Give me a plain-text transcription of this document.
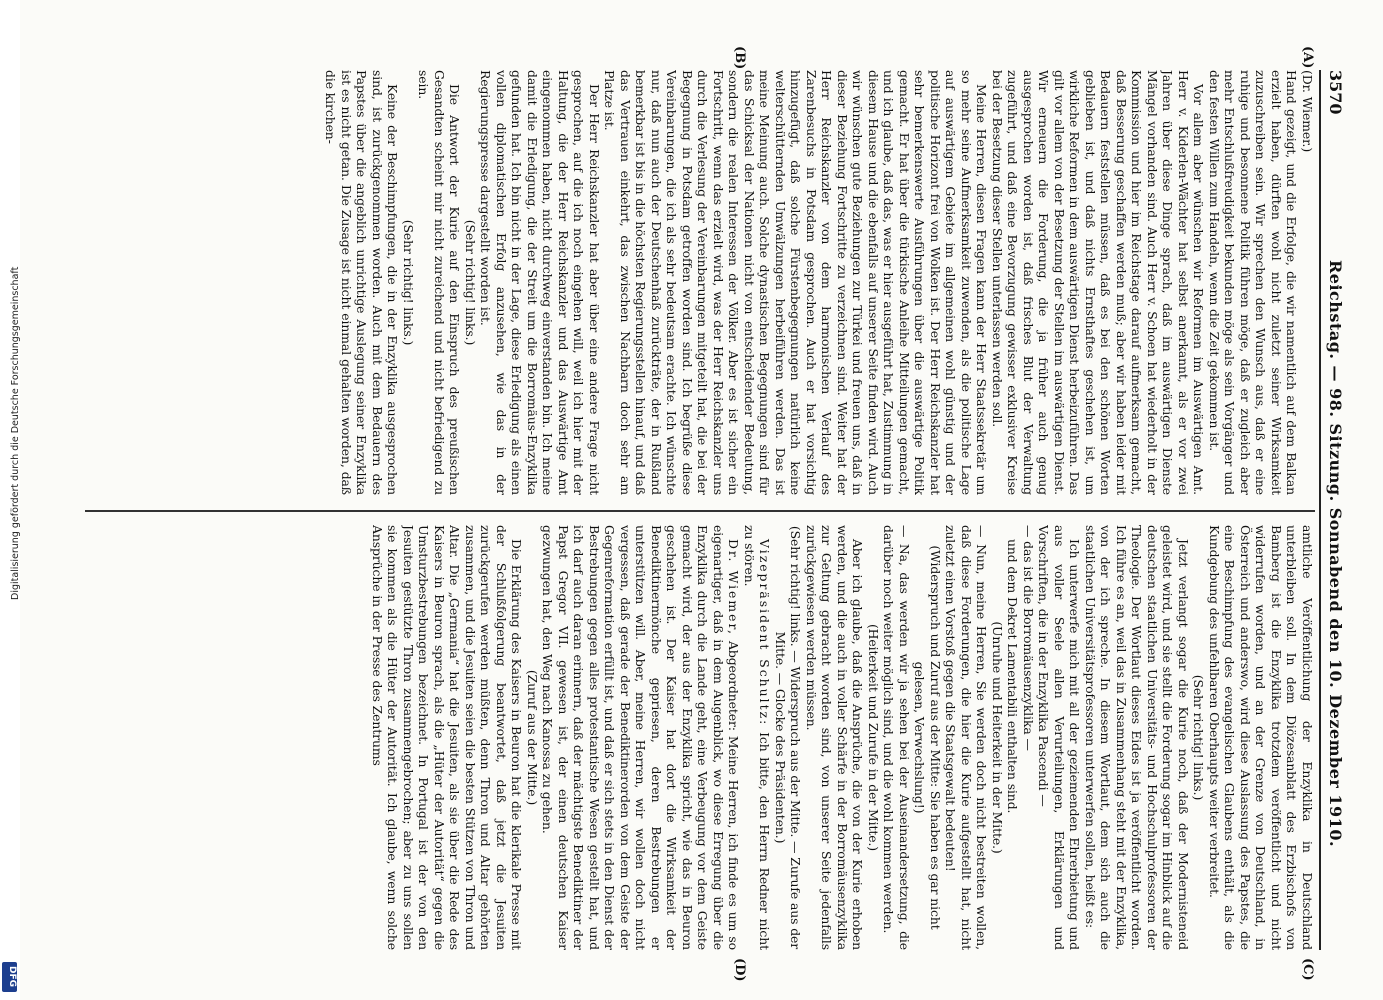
Digitalisierung gefördert durch die Deutsche Forschungsgemeinschaft
DFG
3570
Reichstag. — 98. Sitzung. Sonnabend den 10. Dezember 1910.
(A)
(B)
(C)
(D)

(Dr. Wiemer.)

Hand gezeigt, und die Erfolge, die wir namentlich auf dem Balkan erzielt haben, dürften wohl nicht zuletzt seiner Wirksamkeit zuzuschreiben sein. Wir sprechen den Wunsch aus, daß er eine ruhige und besonnene Politik führen möge, daß er zugleich aber mehr Entschlußfreudigkeit bekunden möge als sein Vorgänger und den festen Willen zum Handeln, wenn die Zeit gekommen ist.

Vor allem aber wünschen wir Reformen im Auswärtigen Amt. Herr v. Kiderlen-Wächter hat selbst anerkannt, als er vor zwei Jahren über diese Dinge sprach, daß im auswärtigen Dienste Mängel vorhanden sind. Auch Herr v. Schoen hat wiederholt in der Kommission und hier im Reichstage darauf aufmerksam gemacht, daß Besserung geschaffen werden muß; aber wir haben leider mit Bedauern feststellen müssen, daß es bei den schönen Worten geblieben ist, und daß nichts Ernsthaftes geschehen ist, um wirkliche Reformen in dem auswärtigen Dienst herbeizuführen. Das gilt vor allem von der Besetzung der Stellen im auswärtigen Dienst. Wir erneuern die Forderung, die ja früher auch genug ausgesprochen worden ist, daß frisches Blut der Verwaltung zugeführt, und daß eine Bevorzugung gewisser exklusiver Kreise bei der Besetzung dieser Stellen unterlassen werden soll.

Meine Herren, diesen Fragen kann der Herr Staatssekretär um so mehr seine Aufmerksamkeit zuwenden, als die politische Lage auf auswärtigem Gebiete im allgemeinen wohl günstig und der politische Horizont frei von Wolken ist. Der Herr Reichskanzler hat sehr bemerkenswerte Ausführungen über die auswärtige Politik gemacht. Er hat über die türkische Anleihe Mitteilungen gemacht, und ich glaube, daß das, was er hier ausgeführt hat, Zustimmung in diesem Hause und die ebenfalls auf unserer Seite finden wird. Auch wir wünschen gute Beziehungen zur Türkei und freuen uns, daß in dieser Beziehung Fortschritte zu verzeichnen sind. Weiter hat der Herr Reichskanzler von dem harmonischen Verlauf des Zarenbesuchs in Potsdam gesprochen. Auch er hat vorsichtig hinzugefügt, daß solche Fürstenbegegnungen natürlich keine welterschütternden Umwälzungen herbeiführen werden. Das ist meine Meinung auch. Solche dynastischen Begegnungen sind für das Schicksal der Nationen nicht von entscheidender Bedeutung, sondern die realen Interessen der Völker. Aber es ist sicher ein Fortschritt, wenn das erzielt wird, was der Herr Reichskanzler uns durch die Verlesung der Vereinbarungen mitgeteilt hat, die bei der Begegnung in Potsdam getroffen worden sind. Ich begrüße diese Vereinbarungen, die ich als sehr bedeutsam erachte. Ich wünschte nur, daß nun auch der Deutschenhaß zurückträte, der in Rußland bemerkbar ist bis in die höchsten Regierungsstellen hinauf, und daß das Vertrauen einkehrt, das zwischen Nachbarn doch sehr am Platze ist.

Der Herr Reichskanzler hat aber über eine andere Frage nicht gesprochen, auf die ich noch eingehen will, weil ich hier mit der Haltung, die der Herr Reichskanzler und das Auswärtige Amt eingenommen haben, nicht durchweg einverstanden bin. Ich meine damit die Erledigung, die der Streit um die Borromäus-Enzyklika gefunden hat. Ich bin nicht in der Lage, diese Erledigung als einen vollen diplomatischen Erfolg anzusehen, wie das in der Regierungspresse dargestellt worden ist.

(Sehr richtig! links.)

Die Antwort der Kurie auf den Einspruch des preußischen Gesandten scheint mir nicht zureichend und nicht befriedigend zu sein.

(Sehr richtig! links.)

Keine der Beschimpfungen, die in der Enzyklika ausgesprochen sind, ist zurückgenommen worden. Auch mit dem Bedauern des Papstes über die angeblich unrichtige Auslegung seiner Enzyklika ist es nicht getan. Die Zusage ist nicht einmal gehalten worden, daß die kirchen-

amtliche Veröffentlichung der Enzyklika in Deutschland unterbleiben soll. In dem Diözesanblatt des Erzbischofs von Bamberg ist die Enzyklika trotzdem veröffentlicht und nicht widerrufen worden, und an der Grenze von Deutschland, in Österreich und anderswo, wird diese Auslassung des Papstes, die eine Beschimpfung des evangelischen Glaubens enthält, als die Kundgebung des unfehlbaren Oberhaupts weiter verbreitet.

(Sehr richtig! links.)

Jetzt verlangt sogar die Kurie noch, daß der Modernisteneid geleistet wird, und sie stellt die Forderung sogar im Hinblick auf die deutschen staatlichen Universitäts- und Hochschulprofessoren der Theologie. Der Wortlaut dieses Eides ist ja veröffentlicht worden. Ich führe es an, weil das in Zusammenhang steht mit der Enzyklika, von der ich spreche. In diesem Wortlaut, dem sich auch die staatlichen Universitätsprofessoren unterwerfen sollen, heißt es:

Ich unterwerfe mich mit all der geziemenden Ehrerbietung und aus voller Seele allen Verurteilungen, Erklärungen und Vorschriften, die in der Enzyklika Pascendi —

— das ist die Borromäusenzyklika —

und dem Dekret Lamentabili enthalten sind.

(Unruhe und Heiterkeit in der Mitte.)

— Nun, meine Herren, Sie werden doch nicht bestreiten wollen, daß diese Forderungen, die hier die Kurie aufgestellt hat, nicht zuletzt einen Vorstoß gegen die Staatsgewalt bedeuten!

(Widerspruch und Zuruf aus der Mitte: Sie haben es gar nicht gelesen, Verwechslung!)

— Na, das werden wir ja sehen bei der Auseinandersetzung, die darüber noch weiter möglich sind, und die wohl kommen werden.

(Heiterkeit und Zurufe in der Mitte.)

Aber ich glaube, daß die Ansprüche, die von der Kurie erhoben werden, und die auch in voller Schärfe in der Borromäusenzyklika zur Geltung gebracht worden sind, von unserer Seite jedenfalls zurückgewiesen werden müssen.

(Sehr richtig! links. — Widerspruch aus der Mitte. — Zurufe aus der Mitte. — Glocke des Präsidenten.)

Vizepräsident Schultz: Ich bitte, den Herrn Redner nicht zu stören.

Dr. Wiemer, Abgeordneter: Meine Herren, ich finde es um so eigenartiger, daß in dem Augenblick, wo diese Erregung über die Enzyklika durch die Lande geht, eine Verbeugung vor dem Geiste gemacht wird, der aus der Enzyklika spricht, wie das in Beuron geschehen ist. Der Kaiser hat dort die Wirksamkeit der Benediktinermönche gepriesen, deren Bestrebungen er unterstützen will. Aber, meine Herren, wir wollen doch nicht vergessen, daß gerade der Benediktinerorden von dem Geiste der Gegenreformation erfüllt ist, und daß er sich stets in den Dienst der Bestrebungen gegen alles protestantische Wesen gestellt hat, und ich darf auch daran erinnern, daß der mächtigste Benediktiner der Papst Gregor VII. gewesen ist, der einen deutschen Kaiser gezwungen hat, den Weg nach Kanossa zu gehen.

(Zuruf aus der Mitte.)

Die Erklärung des Kaisers in Beuron hat die klerikale Presse mit der Schlußfolgerung beantwortet, daß jetzt die Jesuiten zurückgerufen werden müßten, denn Thron und Altar gehörten zusammen, und die Jesuiten seien die besten Stützen von Thron und Altar. Die „Germania“ hat die Jesuiten, als sie über die Rede des Kaisers in Beuron sprach, als die „Hüter der Autorität“ gegen die Umsturzbestrebungen bezeichnet. In Portugal ist der von den Jesuiten gestützte Thron zusammengebrochen; aber zu uns sollen sie kommen als die Hüter der Autorität. Ich glaube, wenn solche Ansprüche in der Presse des Zentrums
